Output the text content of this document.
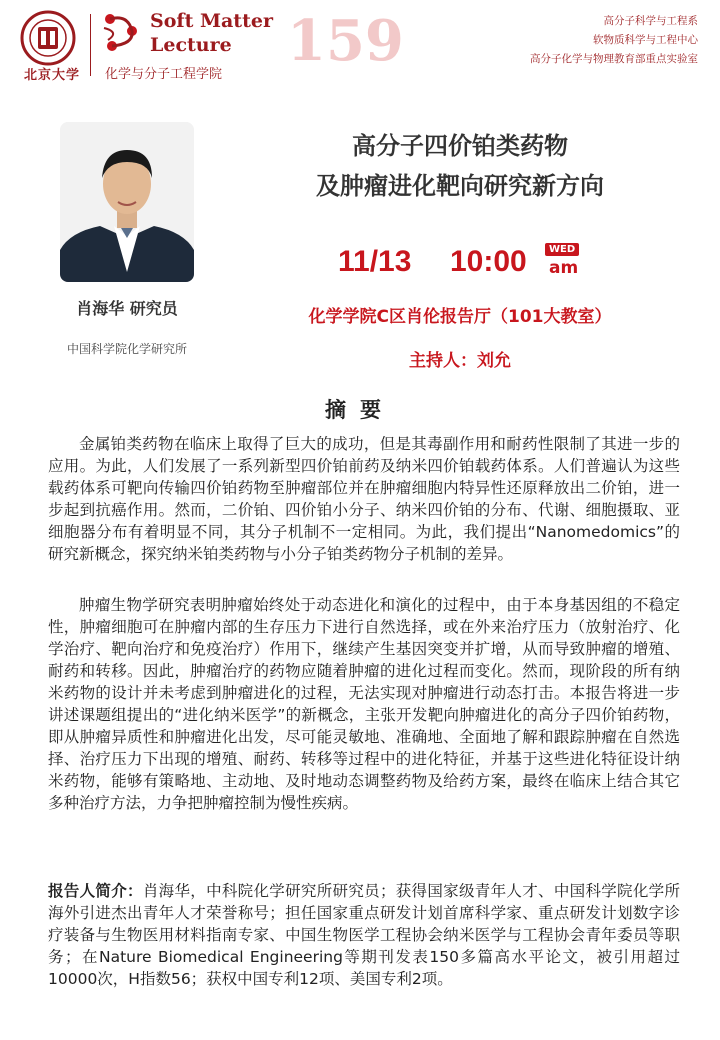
北京大学
Soft Matter
Lecture
化学与分子工程学院
159	高分子科学与工程系
软物质科学与工程中心
高分子化学与物理教育部重点实验室
肖海华 研究员
中国科学院化学研究所
高分子四价铂类药物
及肿瘤进化靶向研究新方向
11/13 10:00	WED
am
化学学院C区肖伦报告厅（101大教室）
主持人：刘允
摘要

金属铂类药物在临床上取得了巨大的成功，但是其毒副作用和耐药性限制了其进一步的应用。为此，人们发展了一系列新型四价铂前药及纳米四价铂载药体系。人们普遍认为这些载药体系可靶向传输四价铂药物至肿瘤部位并在肿瘤细胞内特异性还原释放出二价铂，进一步起到抗癌作用。然而，二价铂、四价铂小分子、纳米四价铂的分布、代谢、细胞摄取、亚细胞器分布有着明显不同，其分子机制不一定相同。为此，我们提出“Nanomedomics”的研究新概念，探究纳米铂类药物与小分子铂类药物分子机制的差异。

肿瘤生物学研究表明肿瘤始终处于动态进化和演化的过程中，由于本身基因组的不稳定性，肿瘤细胞可在肿瘤内部的生存压力下进行自然选择，或在外来治疗压力（放射治疗、化学治疗、靶向治疗和免疫治疗）作用下，继续产生基因突变并扩增，从而导致肿瘤的增殖、耐药和转移。因此，肿瘤治疗的药物应随着肿瘤的进化过程而变化。然而，现阶段的所有纳米药物的设计并未考虑到肿瘤进化的过程，无法实现对肿瘤进行动态打击。本报告将进一步讲述课题组提出的“进化纳米医学”的新概念，主张开发靶向肿瘤进化的高分子四价铂药物，即从肿瘤异质性和肿瘤进化出发，尽可能灵敏地、准确地、全面地了解和跟踪肿瘤在自然选择、治疗压力下出现的增殖、耐药、转移等过程中的进化特征，并基于这些进化特征设计纳米药物，能够有策略地、主动地、及时地动态调整药物及给药方案，最终在临床上结合其它多种治疗方法，力争把肿瘤控制为慢性疾病。

报告人简介：肖海华，中科院化学研究所研究员；获得国家级青年人才、中国科学院化学所海外引进杰出青年人才荣誉称号；担任国家重点研发计划首席科学家、重点研发计划数字诊疗装备与生物医用材料指南专家、中国生物医学工程协会纳米医学与工程协会青年委员等职务；在Nature Biomedical Engineering等期刊发表150多篇高水平论文，被引用超过10000次，H指数56；获权中国专利12项、美国专利2项。
